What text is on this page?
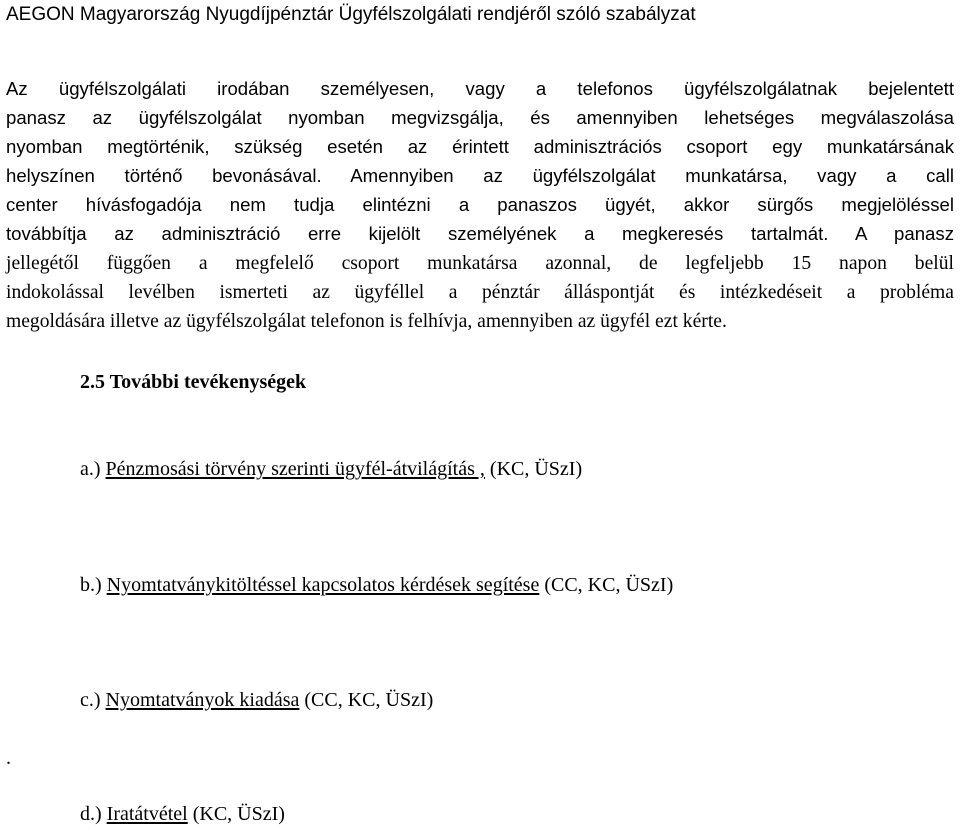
AEGON Magyarország Nyugdíjpénztár Ügyfélszolgálati rendjéről szóló szabályzat
Az ügyfélszolgálati irodában személyesen, vagy a telefonos ügyfélszolgálatnak bejelentett
panasz az ügyfélszolgálat nyomban megvizsgálja, és amennyiben lehetséges megválaszolása
nyomban megtörténik, szükség esetén az érintett adminisztrációs csoport egy munkatársának
helyszínen történő bevonásával. Amennyiben az ügyfélszolgálat munkatársa, vagy a call
center hívásfogadója nem tudja elintézni a panaszos ügyét, akkor sürgős megjelöléssel
továbbítja az adminisztráció erre kijelölt személyének a megkeresés tartalmát. A panasz
jellegétől függően a megfelelő csoport munkatársa azonnal, de legfeljebb 15 napon belül
indokolással levélben ismerteti az ügyféllel a pénztár álláspontját és intézkedéseit a probléma
megoldására illetve az ügyfélszolgálat telefonon is felhívja, amennyiben az ügyfél ezt kérte.
2.5 További tevékenységek
a.) Pénzmosási törvény szerinti ügyfél-átvilágítás , (KC, ÜSzI)
b.) Nyomtatványkitöltéssel kapcsolatos kérdések segítése (CC, KC, ÜSzI)
c.) Nyomtatványok kiadása (CC, KC, ÜSzI)
.
d.) Iratátvétel (KC, ÜSzI)
